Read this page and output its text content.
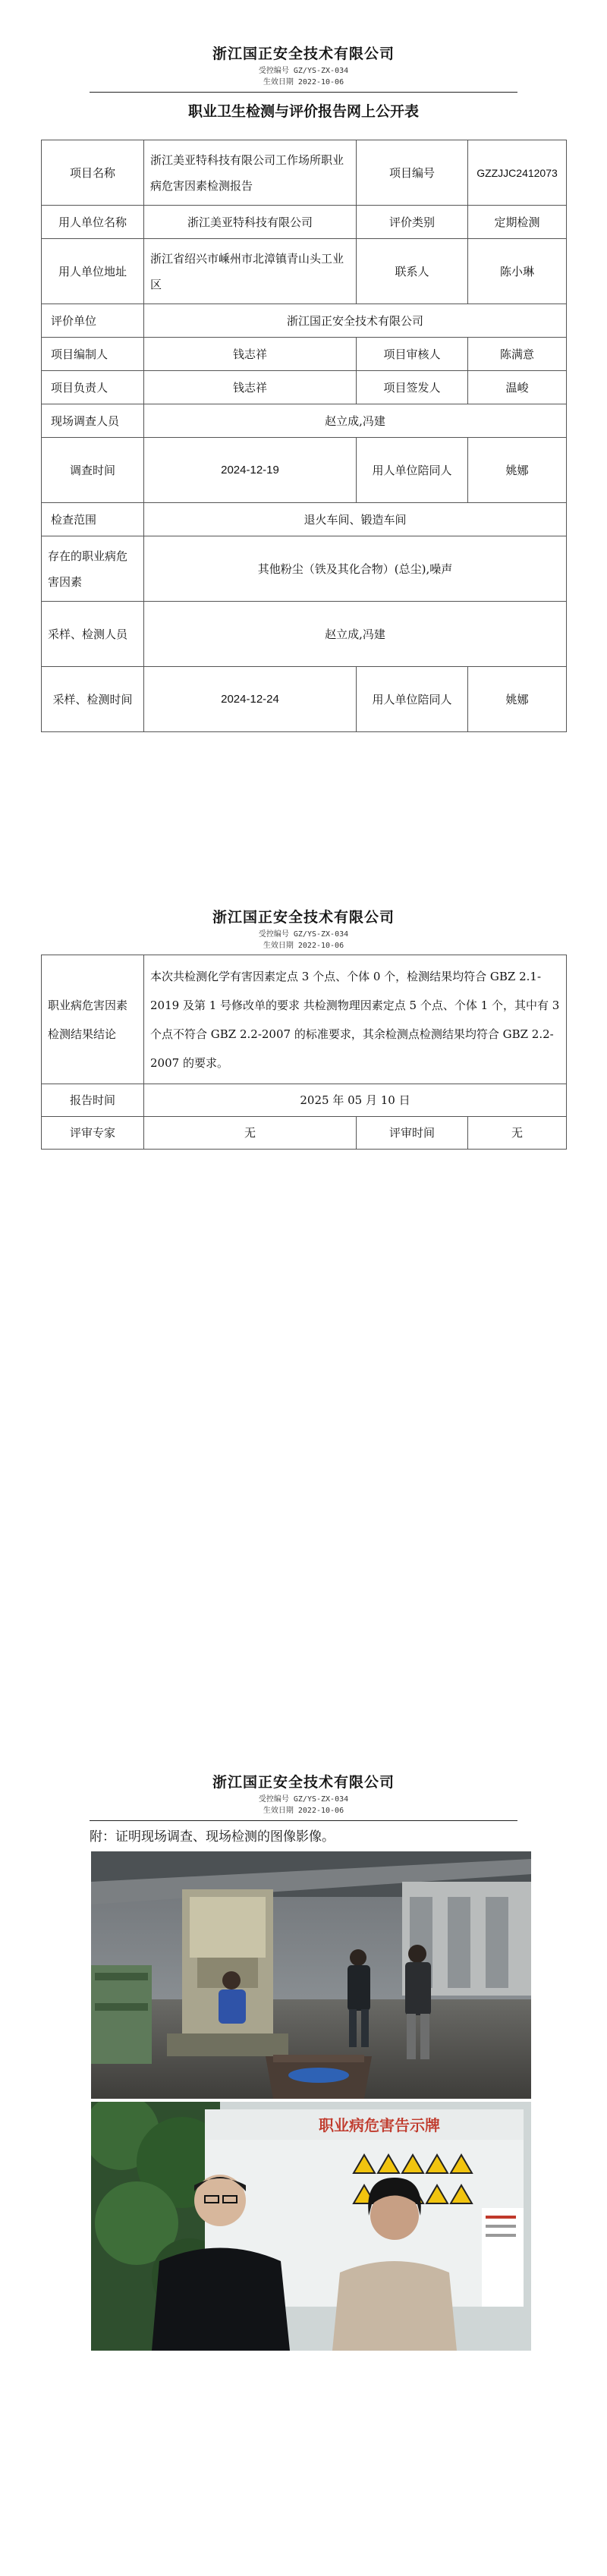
浙江国正安全技术有限公司
受控编号 GZ/YS-ZX-034
生效日期 2022-10-06
职业卫生检测与评价报告网上公开表
项目名称	浙江美亚特科技有限公司工作场所职业病危害因素检测报告	项目编号	GZZJJC2412073
用人单位名称	浙江美亚特科技有限公司	评价类别	定期检测
用人单位地址	浙江省绍兴市嵊州市北漳镇青山头工业区	联系人	陈小琳
评价单位	浙江国正安全技术有限公司		
项目编制人	钱志祥	项目审核人	陈满意
项目负责人	钱志祥	项目签发人	温峻
现场调查人员	赵立成,冯建		
调查时间	2024-12-19	用人单位陪同人	姚娜
检查范围	退火车间、锻造车间		
存在的职业病危害因素	其他粉尘（铁及其化合物）(总尘),噪声		
采样、检测人员	赵立成,冯建		
采样、检测时间	2024-12-24	用人单位陪同人	姚娜
浙江国正安全技术有限公司
受控编号 GZ/YS-ZX-034
生效日期 2022-10-06
职业病危害因素检测结果结论	本次共检测化学有害因素定点 3 个点、个体 0 个，检测结果均符合 GBZ 2.1-2019 及第 1 号修改单的要求 共检测物理因素定点 5 个点、个体 1 个，其中有 3 个点不符合 GBZ 2.2-2007 的标准要求，其余检测点检测结果均符合 GBZ 2.2-2007 的要求。		
报告时间	2025 年 05 月 10 日		
评审专家	无	评审时间	无
浙江国正安全技术有限公司
受控编号 GZ/YS-ZX-034
生效日期 2022-10-06
附：证明现场调查、现场检测的图像影像。
职业病危害告示牌
